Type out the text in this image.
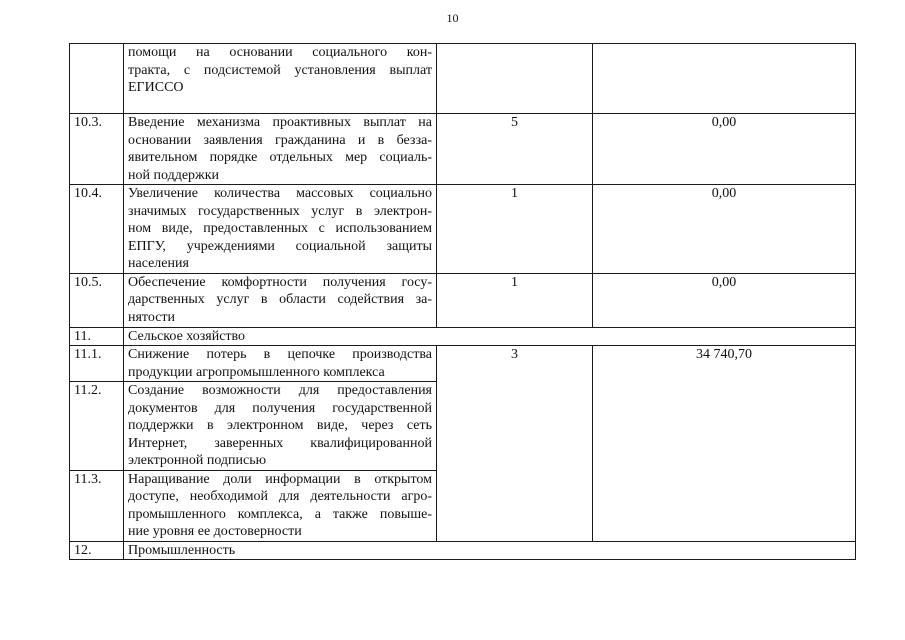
10

	помощи на основании социального кон-
тракта, с подсистемой установления выплат
ЕГИССО		

10.3.	Введение механизма проактивных выплат на
основании заявления гражданина и в безза-
явительном порядке отдельных мер социаль-
ной поддержки	5	0,00
10.4.	Увеличение количества массовых социально
значимых государственных услуг в электрон-
ном виде, предоставленных с использованием
ЕПГУ, учреждениями социальной защиты
населения	1	0,00
10.5.	Обеспечение комфортности получения госу-
дарственных услуг в области содействия за-
нятости	1	0,00
11.	Сельское хозяйство		
11.1.	Снижение потерь в цепочке производства
продукции агропромышленного комплекса	3	34 740,70
11.2.	Создание возможности для предоставления
документов для получения государственной
поддержки в электронном виде, через сеть
Интернет, заверенных квалифицированной
электронной подписью		

11.3.	Наращивание доли информации в открытом
доступе, необходимой для деятельности агро-
промышленного комплекса, а также повыше-
ние уровня ее достоверности		

12.	Промышленность		
